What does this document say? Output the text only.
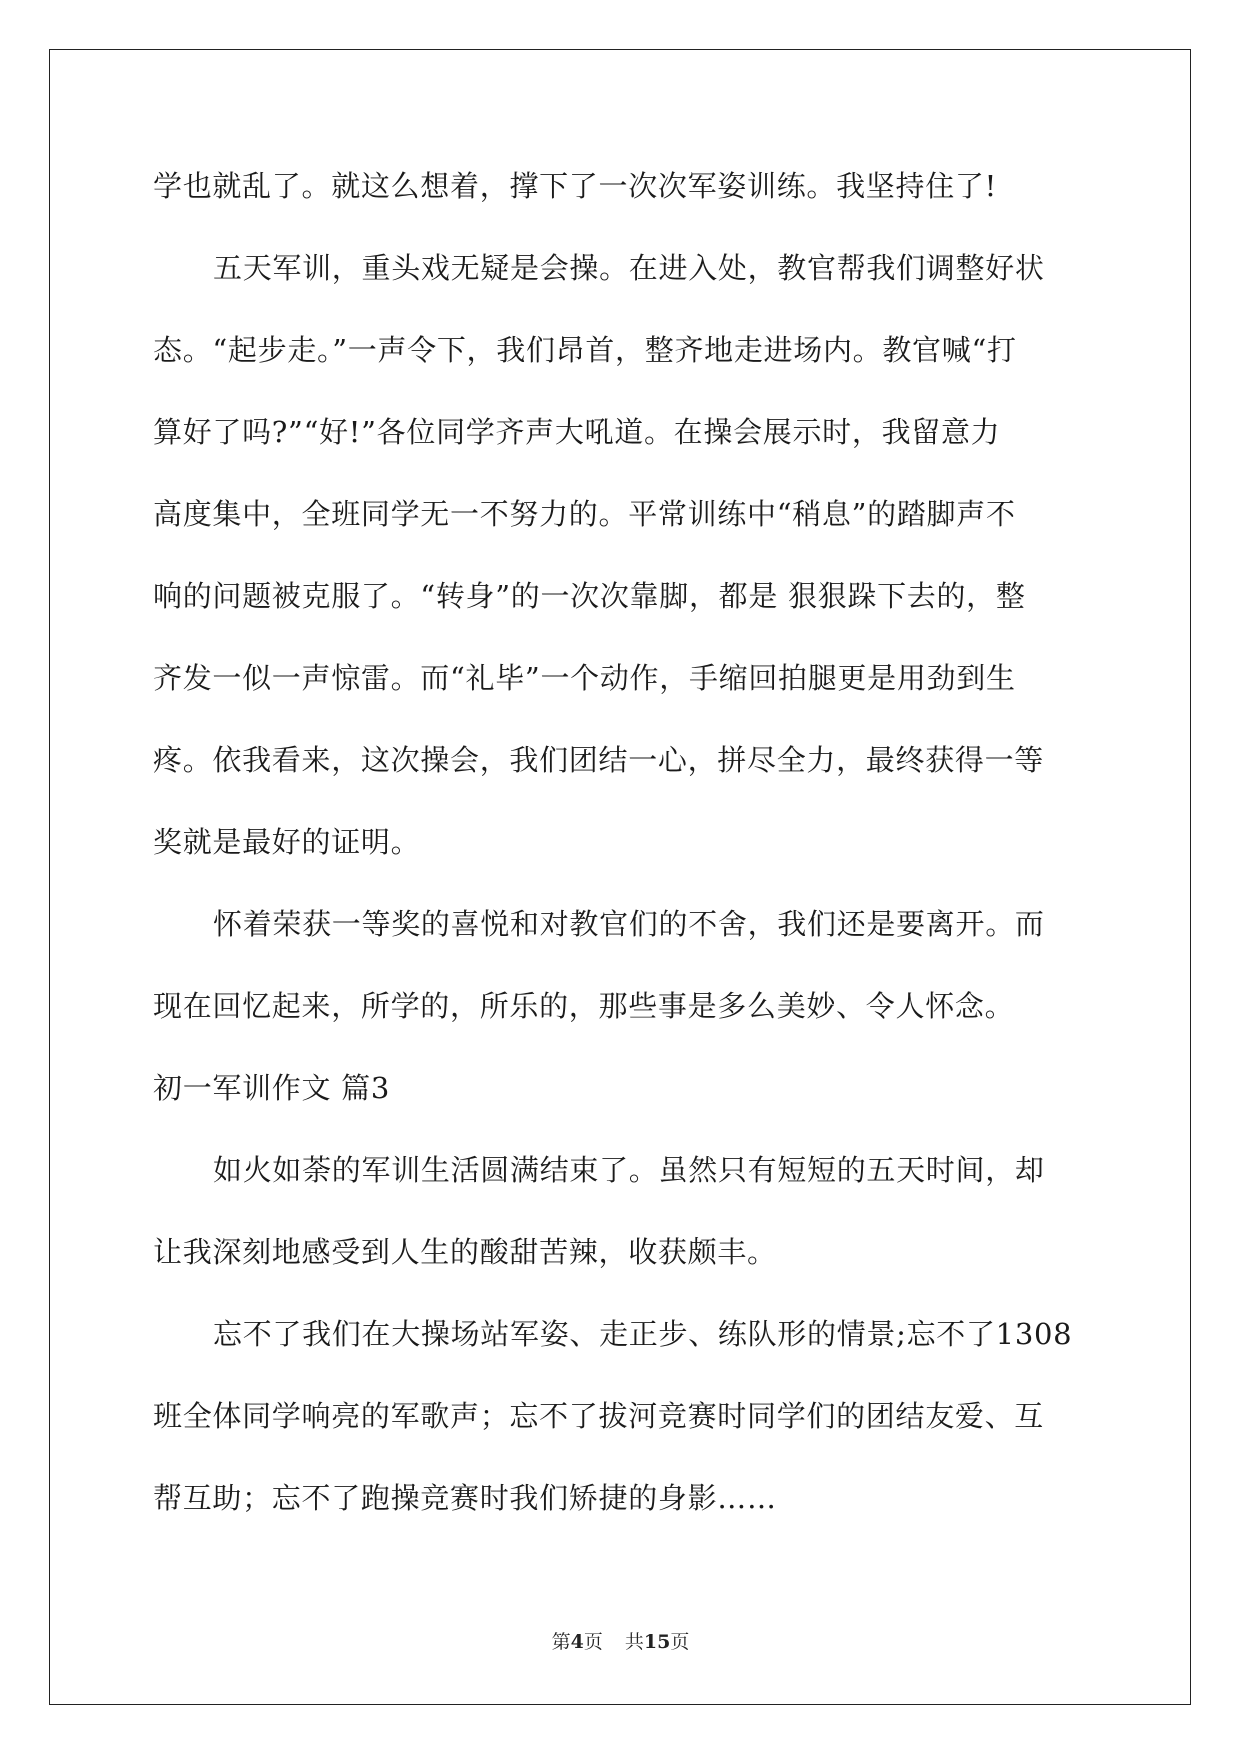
学也就乱了。就这么想着，撑下了一次次军姿训练。我坚持住了!
五天军训，重头戏无疑是会操。在进入处，教官帮我们调整好状
态。“起步走。”一声令下，我们昂首，整齐地走进场内。教官喊“打
算好了吗?”“好!”各位同学齐声大吼道。在操会展示时，我留意力
高度集中，全班同学无一不努力的。平常训练中“稍息”的踏脚声不
响的问题被克服了。“转身”的一次次靠脚，都是 狠狠跺下去的，整
齐发一似一声惊雷。而“礼毕”一个动作，手缩回拍腿更是用劲到生
疼。依我看来，这次操会，我们团结一心，拼尽全力，最终获得一等
奖就是最好的证明。
怀着荣获一等奖的喜悦和对教官们的不舍，我们还是要离开。而
现在回忆起来，所学的，所乐的，那些事是多么美妙、令人怀念。
初一军训作文 篇3
如火如荼的军训生活圆满结束了。虽然只有短短的五天时间，却
让我深刻地感受到人生的酸甜苦辣，收获颇丰。
忘不了我们在大操场站军姿、走正步、练队形的情景;忘不了1308
班全体同学响亮的军歌声；忘不了拔河竞赛时同学们的团结友爱、互
帮互助；忘不了跑操竞赛时我们矫捷的身影……
第4页 共15页
